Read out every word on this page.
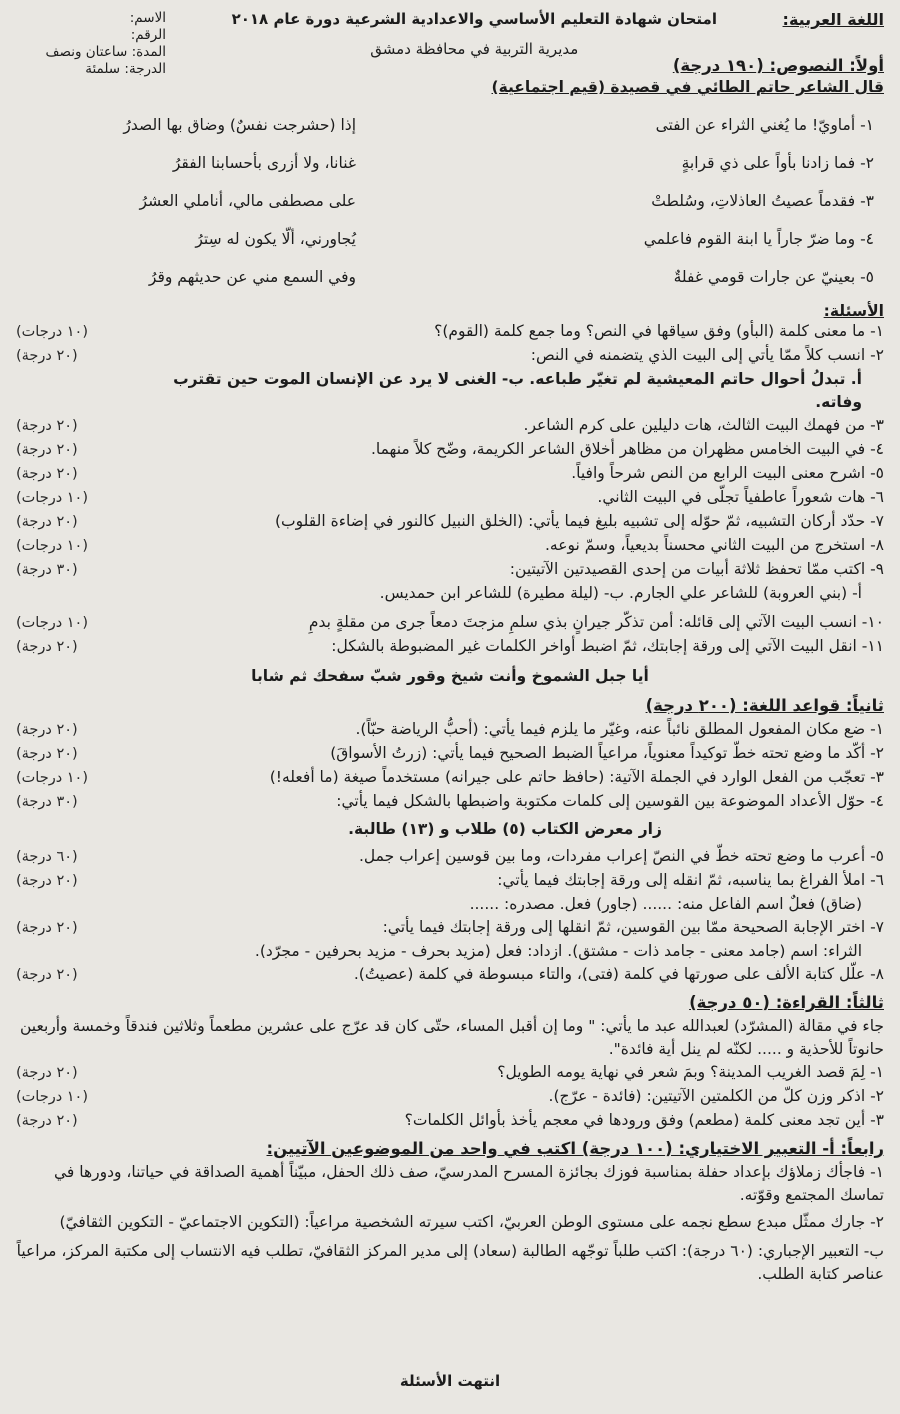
اللغة العربية:
امتحان شهادة التعليم الأساسي والاعدادية الشرعية دورة عام ٢٠١٨
مديرية التربية في محافظة دمشق
الاسم:
الرقم:
المدة: ساعتان ونصف
الدرجة: سلمئة	أولاً: النصوص: (١٩٠ درجة)
قال الشاعر حاتم الطائي في قصيدة (قيم اجتماعية)
١- أماويّ! ما يُغني الثراء عن الفتى
إذا (حشرجت نفسٌ) وضاق بها الصدرُ
٢- فما زادنا بأواً على ذي قرابةٍ
غنانا، ولا أزرى بأحسابنا الفقرُ
٣- فقدماً عصيتُ العاذلاتِ، وسُلطتْ
على مصطفى مالي، أناملي العشرُ
٤- وما ضرّ جاراً يا ابنة القوم فاعلمي
يُجاورني، ألّا يكون له سِترُ
٥- بعينيّ عن جارات قومي غفلةٌ
وفي السمع مني عن حديثهم وقرُ
الأسئلة:
١- ما معنى كلمة (البأو) وفق سياقها في النص؟ وما جمع كلمة (القوم)؟
(١٠ درجات)
٢- انسب كلاً ممّا يأتي إلى البيت الذي يتضمنه في النص:
(٢٠ درجة)
أ. تبدلُ أحوال حاتم المعيشية لم تغيّر طباعه. ب- الغنى لا يرد عن الإنسان الموت حين تقترب وفاته.
٣- من فهمك البيت الثالث، هات دليلين على كرم الشاعر.
(٢٠ درجة)
٤- في البيت الخامس مظهران من مظاهر أخلاق الشاعر الكريمة، وضّح كلاً منهما.
(٢٠ درجة)
٥- اشرح معنى البيت الرابع من النص شرحاً وافياً.
(٢٠ درجة)
٦- هات شعوراً عاطفياً تجلّى في البيت الثاني.
(١٠ درجات)
٧- حدّد أركان التشبيه، ثمّ حوّله إلى تشبيه بليغ فيما يأتي: (الخلق النبيل كالنور في إضاءة القلوب)
(٢٠ درجة)
٨- استخرج من البيت الثاني محسناً بديعياً، وسمّ نوعه.
(١٠ درجات)
٩- اكتب ممّا تحفظ ثلاثة أبيات من إحدى القصيدتين الآتيتين:
(٣٠ درجة)
أ- (بني العروبة) للشاعر علي الجارم. ب- (ليلة مطيرة) للشاعر ابن حمديس.
١٠- انسب البيت الآتي إلى قائله: أمن تذكّر جيرانٍ بذي سلمِ مزجتَ دمعاً جرى من مقلةٍ بدمِ
(١٠ درجات)
١١- انقل البيت الآتي إلى ورقة إجابتك، ثمّ اضبط أواخر الكلمات غير المضبوطة بالشكل:
(٢٠ درجة)
أيا جبل الشموخ وأنت شيخ وقور شبّ سفحك ثم شابا
ثانياً: قواعد اللغة: (٢٠٠ درجة)
١- ضع مكان المفعول المطلق نائباً عنه، وغيّر ما يلزم فيما يأتي: (أحبُّ الرياضة حبّاً).
(٢٠ درجة)
٢- أكّد ما وضع تحته خطّ توكيداً معنوياً، مراعياً الضبط الصحيح فيما يأتي: (زرتُ الأسواقَ)
(٢٠ درجة)
٣- تعجّب من الفعل الوارد في الجملة الآتية: (حافظ حاتم على جيرانه) مستخدماً صيغة (ما أفعله!)
(١٠ درجات)
٤- حوّل الأعداد الموضوعة بين القوسين إلى كلمات مكتوبة واضبطها بالشكل فيما يأتي:
(٣٠ درجة)
زار معرض الكتاب (٥) طلاب و (١٣) طالبة.
٥- أعرب ما وضع تحته خطّ في النصّ إعراب مفردات، وما بين قوسين إعراب جمل.
(٦٠ درجة)
٦- املأ الفراغ بما يناسبه، ثمّ انقله إلى ورقة إجابتك فيما يأتي:
(٢٠ درجة)
(ضاق) فعلٌ اسم الفاعل منه: ...... (جاور) فعل. مصدره: ......
٧- اختر الإجابة الصحيحة ممّا بين القوسين، ثمّ انقلها إلى ورقة إجابتك فيما يأتي:
(٢٠ درجة)
الثراء: اسم (جامد معنى - جامد ذات - مشتق). ازداد: فعل (مزيد بحرف - مزيد بحرفين - مجرّد).
٨- علّل كتابة الألف على صورتها في كلمة (فتى)، والتاء مبسوطة في كلمة (عصيتُ).
(٢٠ درجة)
ثالثاً: القراءة: (٥٠ درجة)
جاء في مقالة (المشرّد) لعبدالله عبد ما يأتي: " وما إن أقبل المساء، حتّى كان قد عرّج على عشرين مطعماً وثلاثين فندقاً وخمسة وأربعين حانوتاً للأحذية و ..... لكنّه لم ينل أية فائدة".
١- لِمَ قصد الغريب المدينة؟ وبمَ شعر في نهاية يومه الطويل؟
(٢٠ درجة)
٢- اذكر وزن كلّ من الكلمتين الآتيتين: (فائدة - عرّج).
(١٠ درجات)
٣- أين تجد معنى كلمة (مطعم) وفق ورودها في معجم يأخذ بأوائل الكلمات؟
(٢٠ درجة)
رابعاً: أ- التعبير الاختياري: (١٠٠ درجة) اكتب في واحد من الموضوعين الآتيين:
١- فاجأك زملاؤك بإعداد حفلة بمناسبة فوزك بجائزة المسرح المدرسيّ، صف ذلك الحفل، مبيّناً أهمية الصداقة في حياتنا، ودورها في تماسك المجتمع وقوّته.
٢- جارك ممثّل مبدع سطع نجمه على مستوى الوطن العربيّ، اكتب سيرته الشخصية مراعياً: (التكوين الاجتماعيّ - التكوين الثقافيّ)
ب- التعبير الإجباري: (٦٠ درجة): اكتب طلباً توجّهه الطالبة (سعاد) إلى مدير المركز الثقافيّ، تطلب فيه الانتساب إلى مكتبة المركز، مراعياً عناصر كتابة الطلب.
انتهت الأسئلة
